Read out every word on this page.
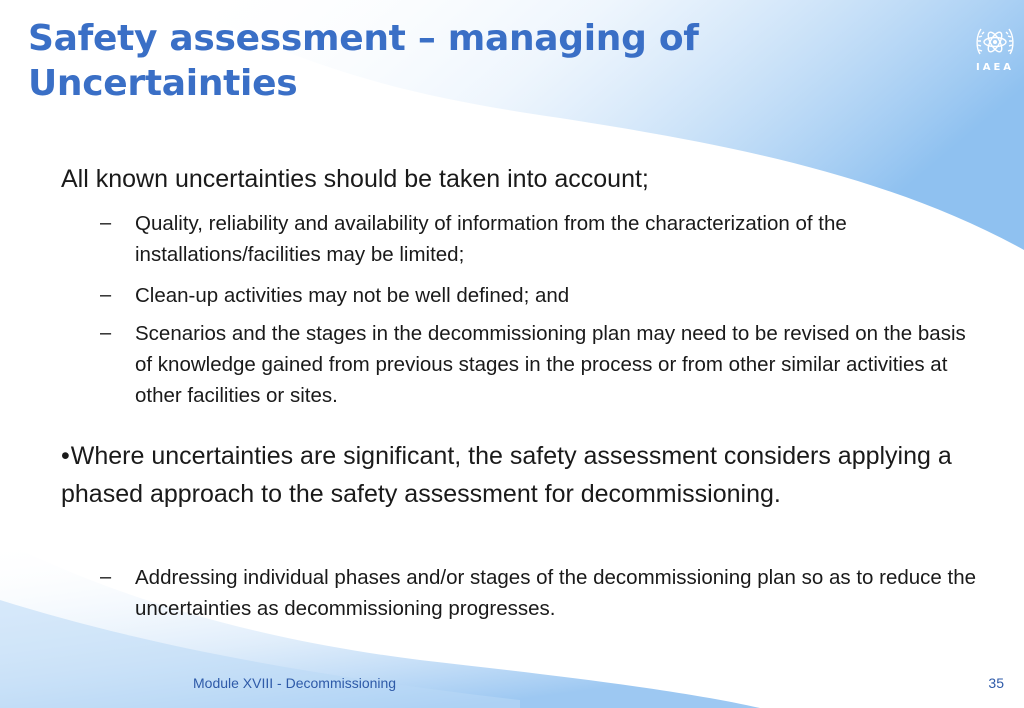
Safety assessment – managing of Uncertainties	IAEA

All known uncertainties should be taken into account;

– Quality, reliability and availability of information from the characterization of the installations/facilities may be limited;

– Clean-up activities may not be well defined; and

– Scenarios and the stages in the decommissioning plan may need to be revised on the basis of knowledge gained from previous stages in the process or from other similar activities at other facilities or sites.

•Where uncertainties are significant, the safety assessment considers applying a phased approach to the safety assessment for decommissioning.

– Addressing individual phases and/or stages of the decommissioning plan so as to reduce the uncertainties as decommissioning progresses.

Module XVIII - Decommissioning	35
